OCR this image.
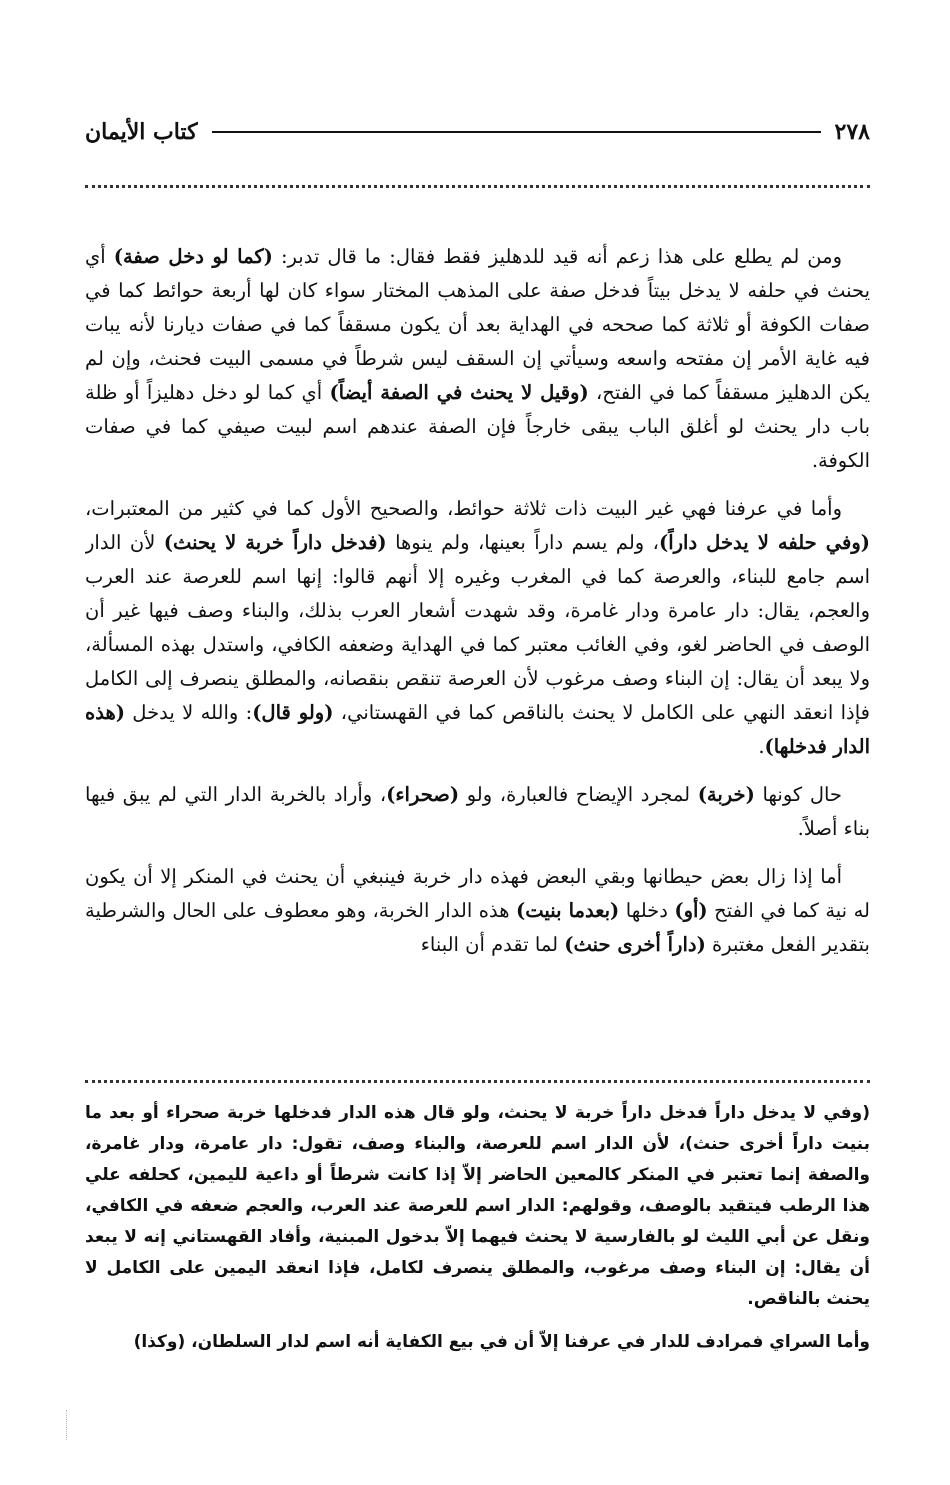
٢٧٨
كتاب الأيمان

ومن لم يطلع على هذا زعم أنه قيد للدهليز فقط فقال: ما قال تدبر: (كما لو دخل صفة) أي يحنث في حلفه لا يدخل بيتاً فدخل صفة على المذهب المختار سواء كان لها أربعة حوائط كما في صفات الكوفة أو ثلاثة كما صححه في الهداية بعد أن يكون مسقفاً كما في صفات ديارنا لأنه يبات فيه غاية الأمر إن مفتحه واسعه وسيأتي إن السقف ليس شرطاً في مسمى البيت فحنث، وإن لم يكن الدهليز مسقفاً كما في الفتح، (وقيل لا يحنث في الصفة أيضاً) أي كما لو دخل دهليزاً أو ظلة باب دار يحنث لو أغلق الباب يبقى خارجاً فإن الصفة عندهم اسم لبيت صيفي كما في صفات الكوفة.

وأما في عرفنا فهي غير البيت ذات ثلاثة حوائط، والصحيح الأول كما في كثير من المعتبرات، (وفي حلفه لا يدخل داراً)، ولم يسم داراً بعينها، ولم ينوها (فدخل داراً خربة لا يحنث) لأن الدار اسم جامع للبناء، والعرصة كما في المغرب وغيره إلا أنهم قالوا: إنها اسم للعرصة عند العرب والعجم، يقال: دار عامرة ودار غامرة، وقد شهدت أشعار العرب بذلك، والبناء وصف فيها غير أن الوصف في الحاضر لغو، وفي الغائب معتبر كما في الهداية وضعفه الكافي، واستدل بهذه المسألة، ولا يبعد أن يقال: إن البناء وصف مرغوب لأن العرصة تنقص بنقصانه، والمطلق ينصرف إلى الكامل فإذا انعقد النهي على الكامل لا يحنث بالناقص كما في القهستاني، (ولو قال): والله لا يدخل (هذه الدار فدخلها).

حال كونها (خربة) لمجرد الإيضاح فالعبارة، ولو (صحراء)، وأراد بالخربة الدار التي لم يبق فيها بناء أصلاً.

أما إذا زال بعض حيطانها وبقي البعض فهذه دار خربة فينبغي أن يحنث في المنكر إلا أن يكون له نية كما في الفتح (أو) دخلها (بعدما بنيت) هذه الدار الخربة، وهو معطوف على الحال والشرطية بتقدير الفعل مغتبرة (داراً أخرى حنث) لما تقدم أن البناء

(وفي لا يدخل داراً فدخل داراً خربة لا يحنث، ولو قال هذه الدار فدخلها خربة صحراء أو بعد ما بنيت داراً أخرى حنث)، لأن الدار اسم للعرصة، والبناء وصف، تقول: دار عامرة، ودار غامرة، والصفة إنما تعتبر في المنكر كالمعين الحاضر إلاّ إذا كانت شرطاً أو داعية لليمين، كحلفه علي هذا الرطب فيتقيد بالوصف، وقولهم: الدار اسم للعرصة عند العرب، والعجم ضعفه في الكافي، ونقل عن أبي الليث لو بالفارسية لا يحنث فيهما إلاّ بدخول المبنية، وأفاد القهستاني إنه لا يبعد أن يقال: إن البناء وصف مرغوب، والمطلق ينصرف لكامل، فإذا انعقد اليمين على الكامل لا يحنث بالناقص.

وأما السراي فمرادف للدار في عرفنا إلاّ أن في بيع الكفاية أنه اسم لدار السلطان، (وكذا)
